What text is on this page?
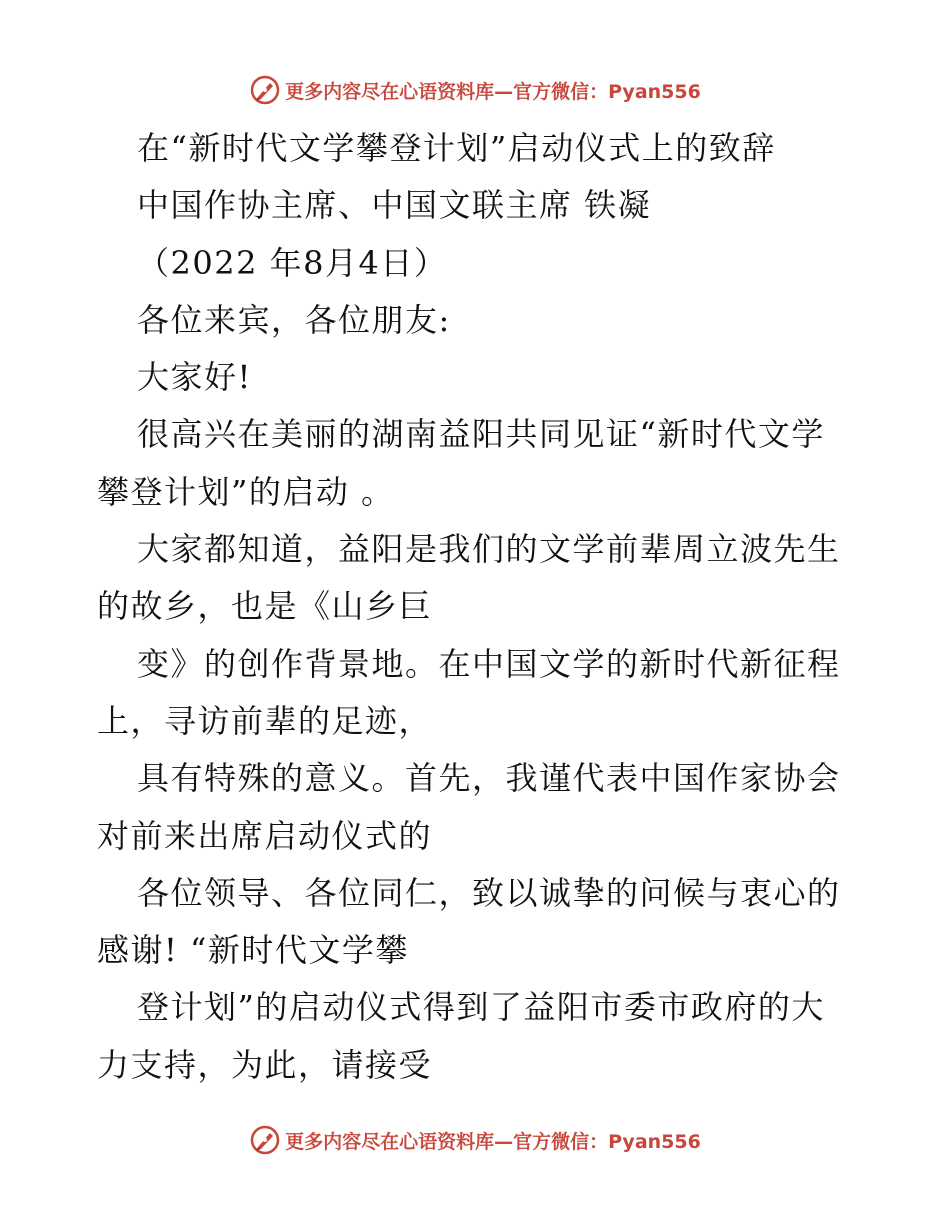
更多内容尽在心语资料库—官方微信：Pyan556
在“新时代文学攀登计划”启动仪式上的致辞
中国作协主席、中国文联主席 铁凝
（2022 年8月4日）
各位来宾，各位朋友:
大家好!
很高兴在美丽的湖南益阳共同见证“新时代文学
攀登计划”的启动 。
大家都知道，益阳是我们的文学前辈周立波先生
的故乡，也是《山乡巨
变》的创作背景地。在中国文学的新时代新征程
上，寻访前辈的足迹，
具有特殊的意义。首先，我谨代表中国作家协会
对前来出席启动仪式的
各位领导、各位同仁，致以诚挚的问候与衷心的
感谢! “新时代文学攀
登计划”的启动仪式得到了益阳市委市政府的大
力支持，为此，请接受
更多内容尽在心语资料库—官方微信：Pyan556
